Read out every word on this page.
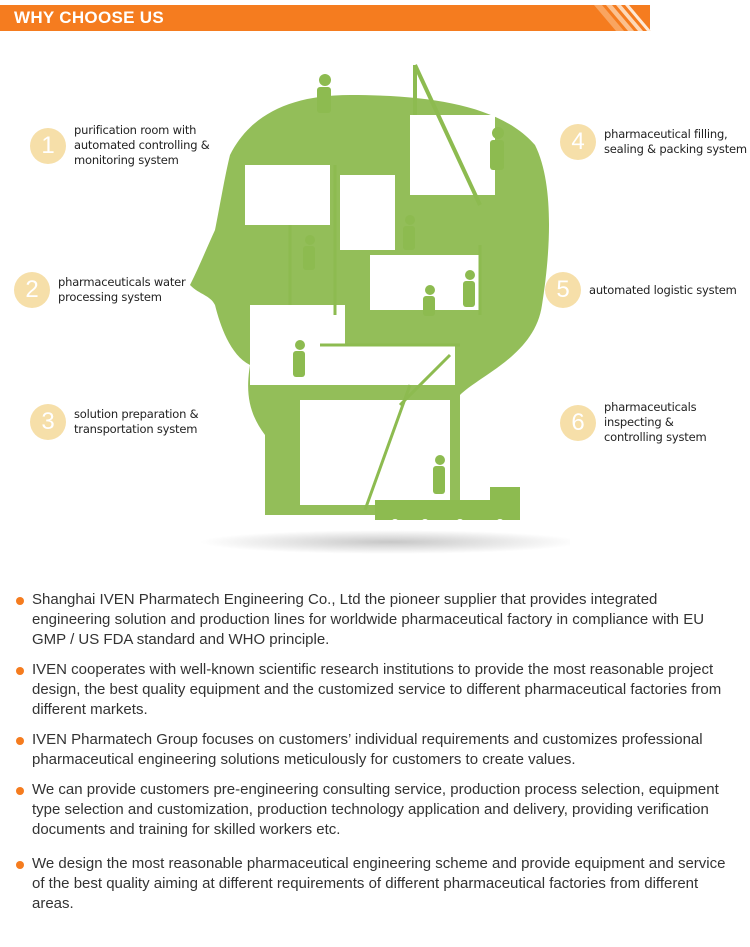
WHY CHOOSE US
1
purification room with automated controlling & monitoring system
2	pharmaceuticals water processing system
3	solution preparation & transportation system
4	pharmaceutical filling, sealing & packing system
5	automated logistic system
6
pharmaceuticals inspecting & controlling system
Shanghai IVEN Pharmatech Engineering Co., Ltd the pioneer supplier that provides integrated engineering solution and production lines for worldwide pharmaceutical factory in compliance with EU GMP / US FDA standard and WHO principle.
IVEN cooperates with well-known scientific research institutions to provide the most reasonable project design, the best quality equipment and the customized service to different pharmaceutical factories from different markets.
IVEN Pharmatech Group focuses on customers’ individual requirements and customizes professional pharmaceutical engineering solutions meticulously for customers to create values.
We can provide customers pre-engineering consulting service, production process selection, equipment type selection and customization, production technology application and delivery, providing verification documents and training for skilled workers etc.
We design the most reasonable pharmaceutical engineering scheme and provide equipment and service of the best quality aiming at different requirements of different pharmaceutical factories from different areas.
